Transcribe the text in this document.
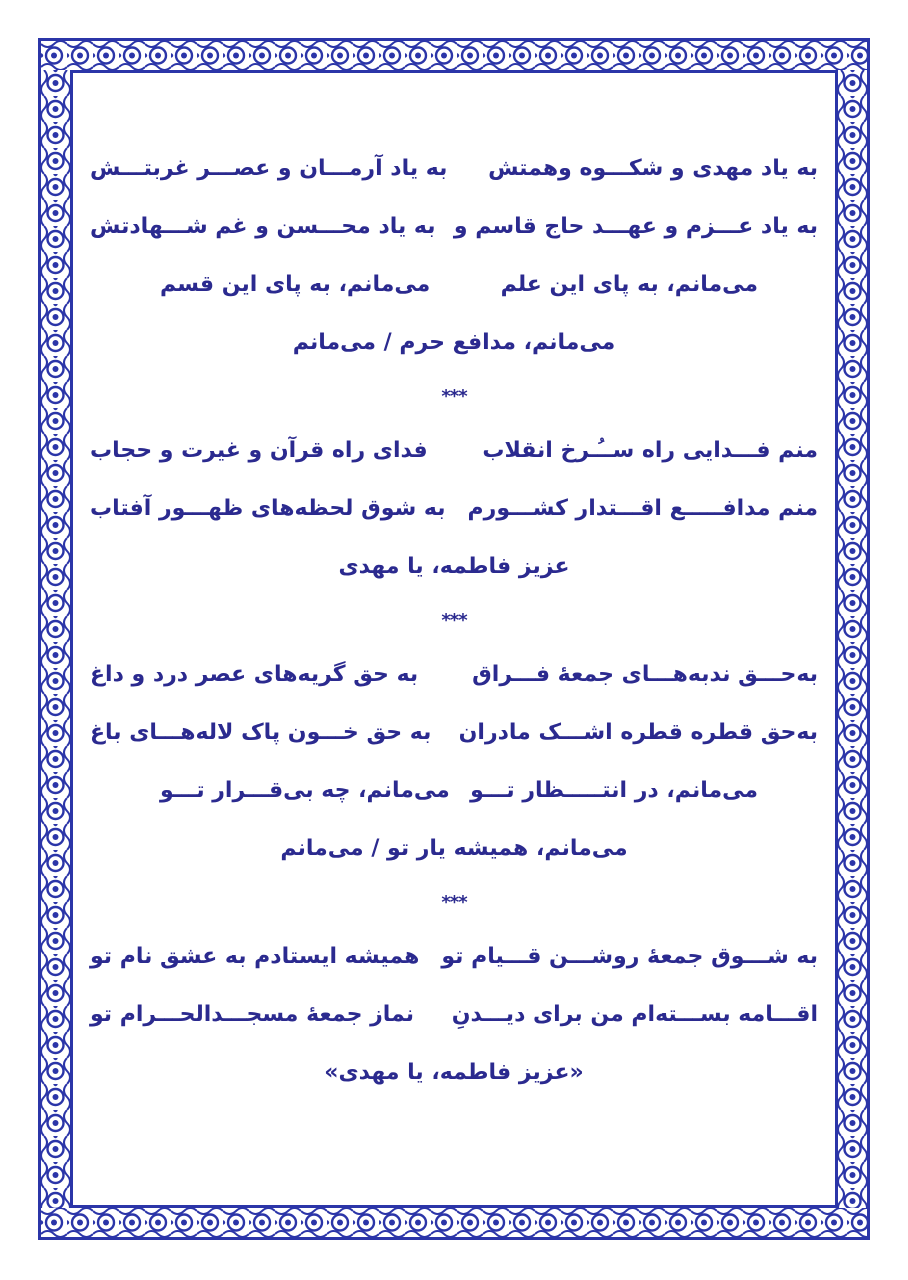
به یاد مهدی و شکـــوه وهمتش
به یاد آرمـــان و عصـــر غربتـــش
به یاد عـــزم و عهـــد حاج قاسم و
به یاد محـــسن و غم شـــهادتش
می‌مانم، به پای این علم
می‌مانم، به پای این قسم
می‌مانم، مدافع حرم / می‌مانم
***
منم فـــدایی راه ســُـرخ انقلاب
فدای راه قرآن و غیرت و حجاب
منم مدافـــــع اقـــتدار کشـــورم
به شوق لحظه‌های ظهـــور آفتاب
عزیز فاطمه، یا مهدی
***
به‌حـــق ندبه‌هـــای جمعهٔ فـــراق
به حق گریه‌های عصر درد و داغ
به‌حق قطره قطره اشـــک مادران
به حق خـــون پاک لاله‌هـــای باغ
می‌مانم، در انتـــــظار تـــو
می‌مانم، چه بی‌قـــرار تـــو
می‌مانم، همیشه یار تو / می‌مانم
***
به شـــوق جمعهٔ روشـــن قـــیام تو
همیشه ایستادم به عشق نام تو
اقـــامه بســـته‌ام من برای دیـــدنِ
نماز جمعهٔ مسجـــدالحـــرام تو
«عزیز فاطمه، یا مهدی»
